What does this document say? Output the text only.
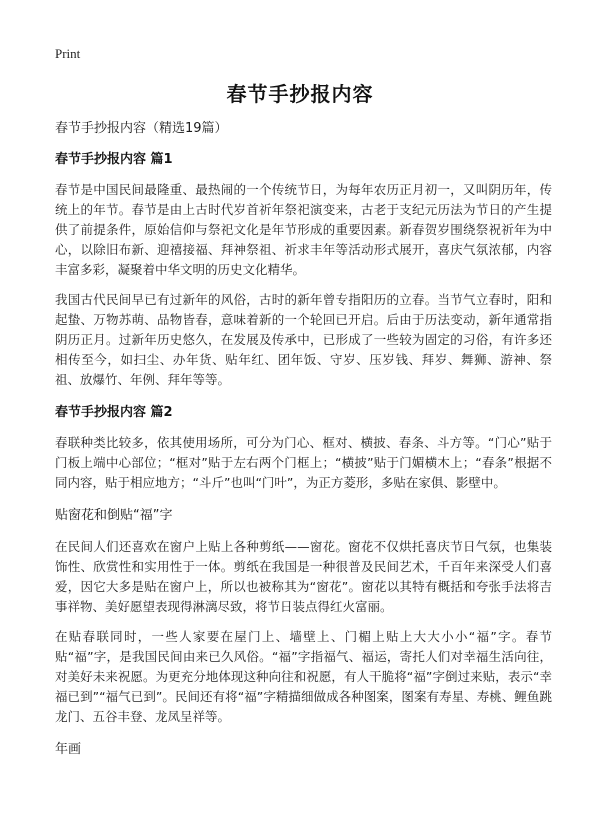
Print
春节手抄报内容
春节手抄报内容（精选19篇）
春节手抄报内容 篇1

春节是中国民间最隆重、最热闹的一个传统节日，为每年农历正月初一，又叫阴历年，传统上的年节。春节是由上古时代岁首祈年祭祀演变来，古老于支纪元历法为节日的产生提供了前提条件，原始信仰与祭祀文化是年节形成的重要因素。新春贺岁围绕祭祝祈年为中心，以除旧布新、迎禧接福、拜神祭祖、祈求丰年等活动形式展开，喜庆气氛浓郁，内容丰富多彩，凝聚着中华文明的历史文化精华。

我国古代民间早已有过新年的风俗，古时的新年曾专指阳历的立春。当节气立春时，阳和起蛰、万物苏萌、品物皆春，意味着新的一个轮回已开启。后由于历法变动，新年通常指阴历正月。过新年历史悠久，在发展及传承中，已形成了一些较为固定的习俗，有许多还相传至今，如扫尘、办年货、贴年红、团年饭、守岁、压岁钱、拜岁、舞狮、游神、祭祖、放爆竹、年例、拜年等等。

春节手抄报内容 篇2

春联种类比较多，依其使用场所，可分为门心、框对、横披、春条、斗方等。“门心”贴于门板上端中心部位；“框对”贴于左右两个门框上；“横披”贴于门媚横木上；“春条”根据不同内容，贴于相应地方；“斗斤”也叫“门叶”，为正方菱形，多贴在家俱、影壁中。

贴窗花和倒贴“福”字

在民间人们还喜欢在窗户上贴上各种剪纸——窗花。窗花不仅烘托喜庆节日气氛，也集装饰性、欣赏性和实用性于一体。剪纸在我国是一种很普及民间艺术，千百年来深受人们喜爱，因它大多是贴在窗户上，所以也被称其为“窗花”。窗花以其特有概括和夸张手法将吉事祥物、美好愿望表现得淋漓尽致，将节日装点得红火富丽。

在贴春联同时，一些人家要在屋门上、墙壁上、门楣上贴上大大小小“福”字。春节贴“福”字，是我国民间由来已久风俗。“福”字指福气、福运，寄托人们对幸福生活向往，对美好未来祝愿。为更充分地体现这种向往和祝愿，有人干脆将“福”字倒过来贴，表示“幸福已到”“福气已到”。民间还有将“福”字精描细做成各种图案，图案有寿星、寿桃、鲤鱼跳龙门、五谷丰登、龙凤呈祥等。

年画
